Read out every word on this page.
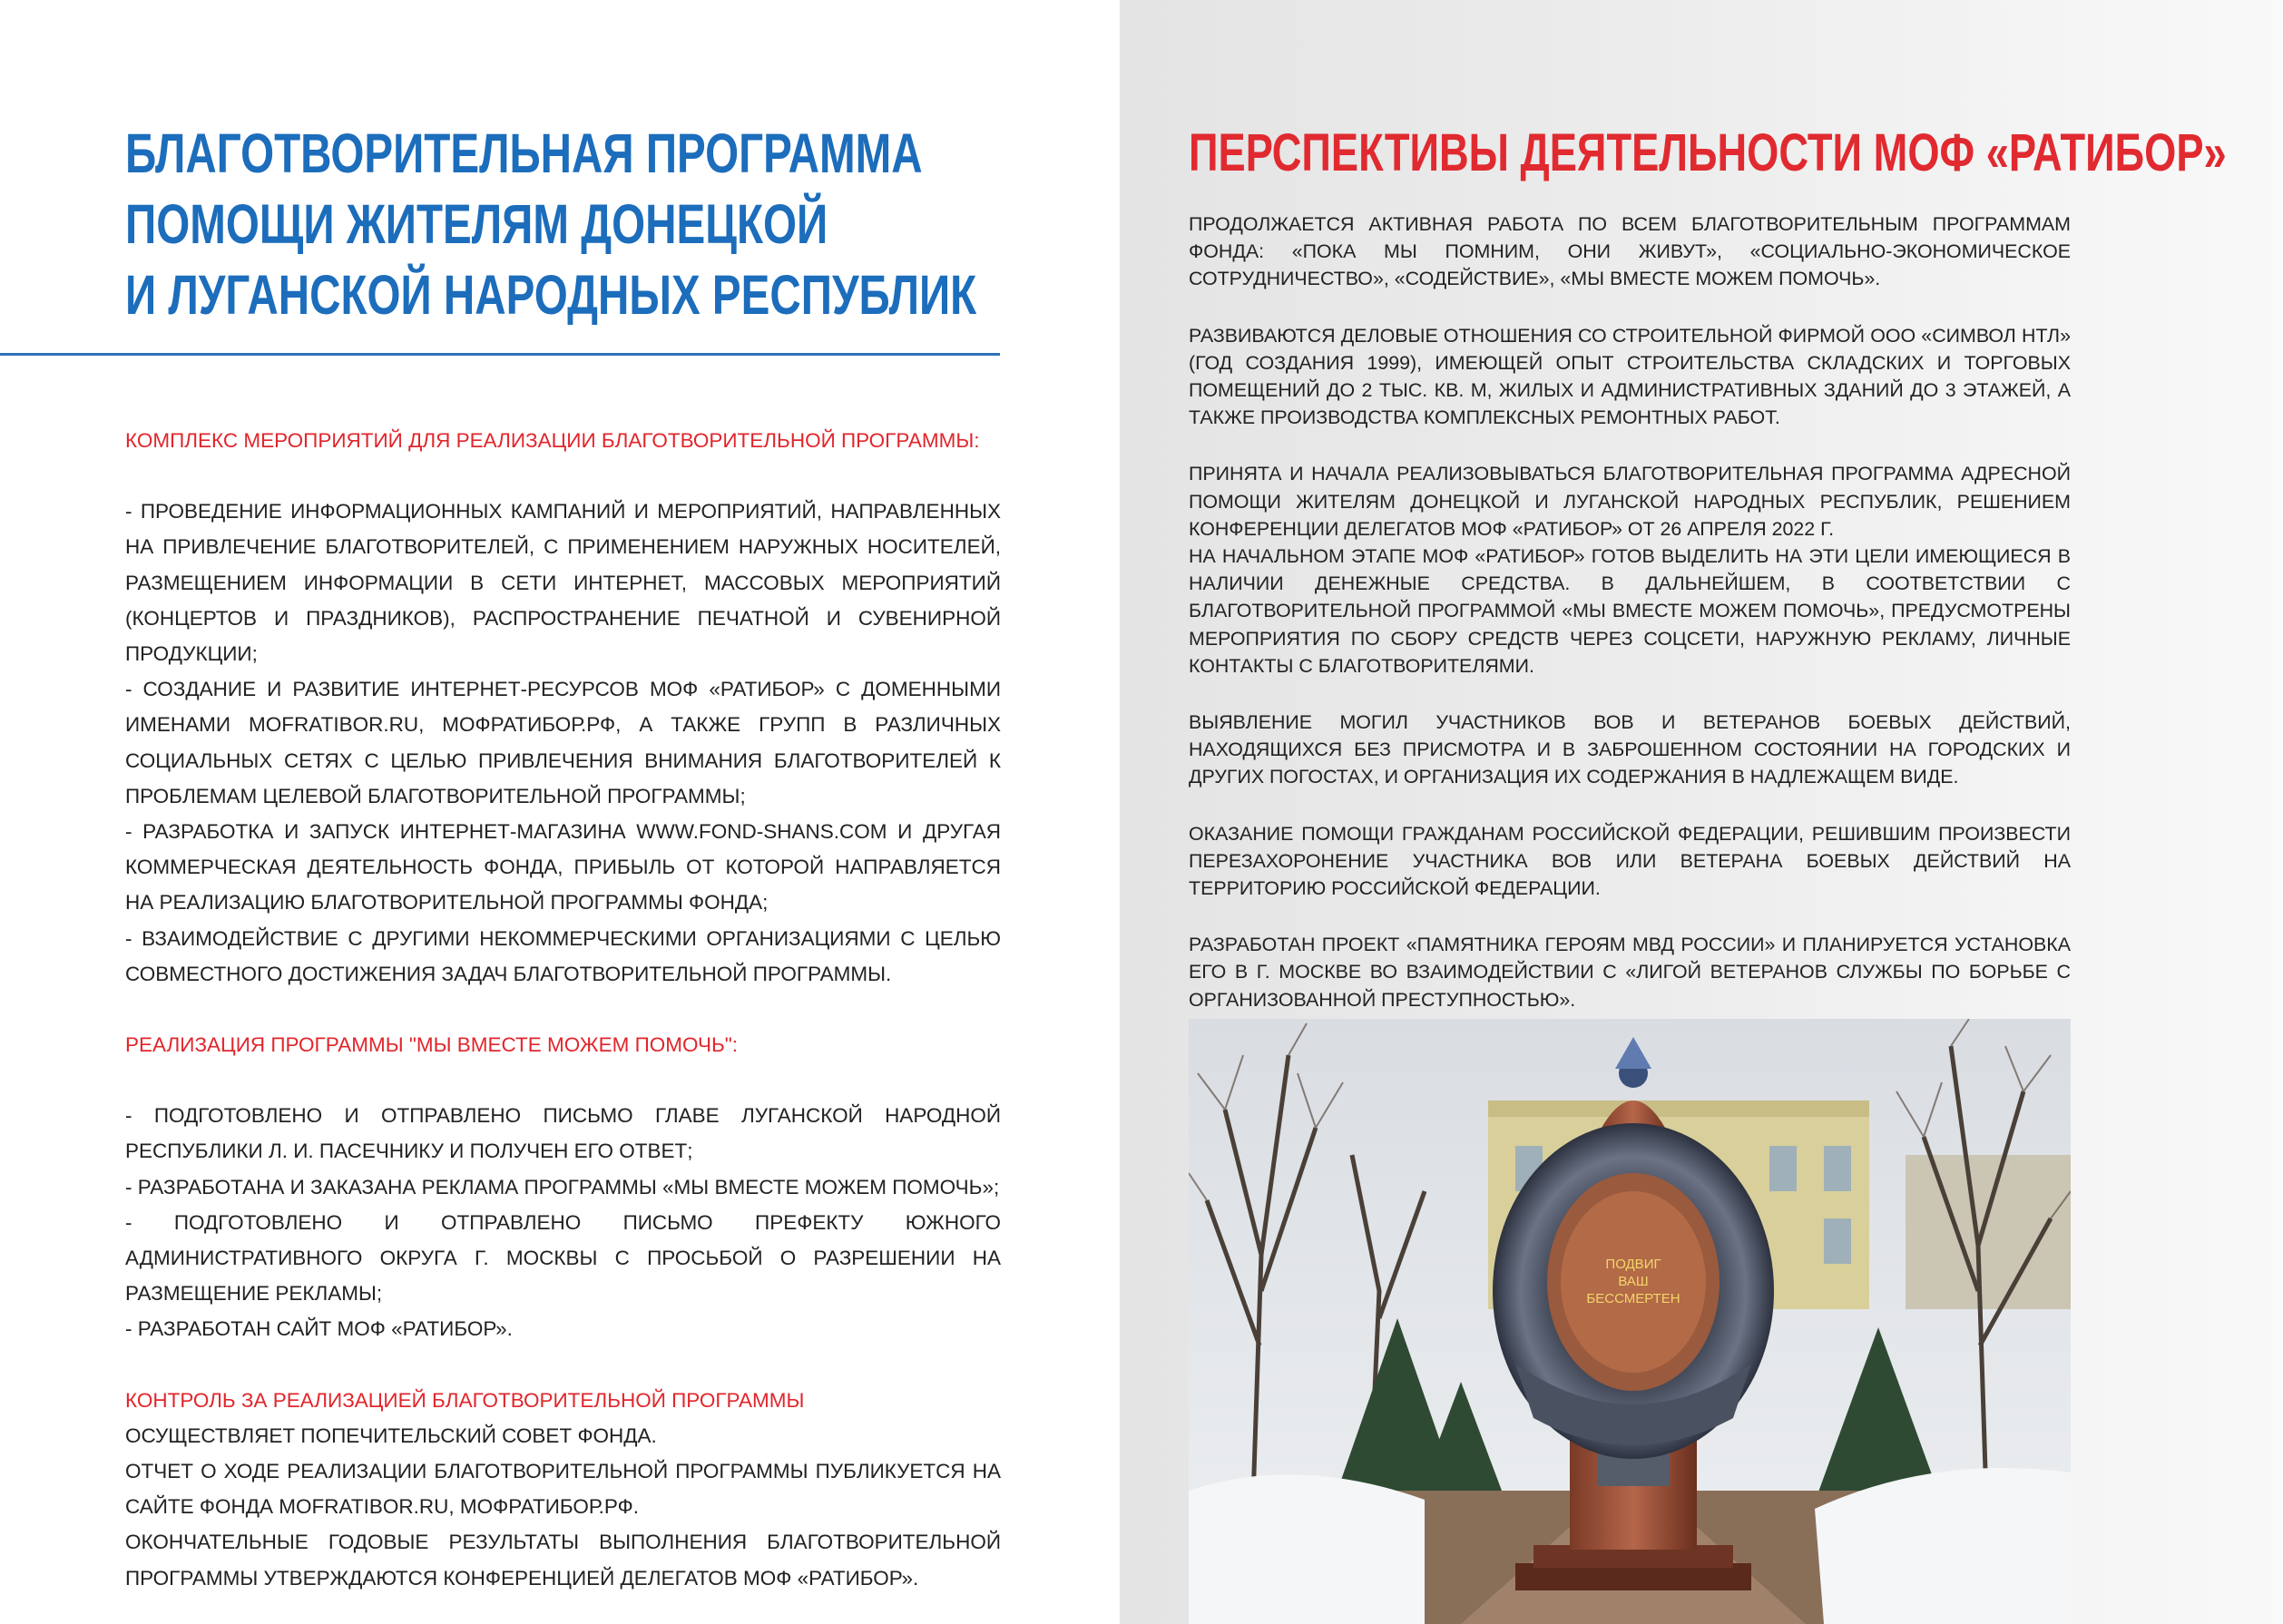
БЛАГОТВОРИТЕЛЬНАЯ ПРОГРАММА
ПОМОЩИ ЖИТЕЛЯМ ДОНЕЦКОЙ
И ЛУГАНСКОЙ НАРОДНЫХ РЕСПУБЛИК

КОМПЛЕКС МЕРОПРИЯТИЙ ДЛЯ РЕАЛИЗАЦИИ БЛАГОТВОРИТЕЛЬНОЙ ПРОГРАММЫ:

- ПРОВЕДЕНИЕ ИНФОРМАЦИОННЫХ КАМПАНИЙ И МЕРОПРИЯТИЙ, НАПРАВЛЕННЫХ НА ПРИВЛЕЧЕНИЕ БЛАГОТВОРИТЕЛЕЙ, С ПРИМЕНЕНИЕМ НАРУЖНЫХ НОСИТЕЛЕЙ, РАЗМЕЩЕНИЕМ ИНФОРМАЦИИ В СЕТИ ИНТЕРНЕТ, МАССОВЫХ МЕРОПРИЯТИЙ (КОНЦЕРТОВ И ПРАЗДНИКОВ), РАСПРОСТРАНЕНИЕ ПЕЧАТНОЙ И СУВЕНИРНОЙ ПРОДУКЦИИ;

- СОЗДАНИЕ И РАЗВИТИЕ ИНТЕРНЕТ-РЕСУРСОВ МОФ «РАТИБОР» С ДОМЕННЫМИ ИМЕНАМИ MOFRATIBOR.RU, МОФРАТИБОР.РФ, А ТАКЖЕ ГРУПП В РАЗЛИЧНЫХ СОЦИАЛЬНЫХ СЕТЯХ С ЦЕЛЬЮ ПРИВЛЕЧЕНИЯ ВНИМАНИЯ БЛАГОТВОРИТЕЛЕЙ К ПРОБЛЕМАМ ЦЕЛЕВОЙ БЛАГОТВОРИТЕЛЬНОЙ ПРОГРАММЫ;

- РАЗРАБОТКА И ЗАПУСК ИНТЕРНЕТ-МАГАЗИНА WWW.FOND-SHANS.COM И ДРУГАЯ КОММЕРЧЕСКАЯ ДЕЯТЕЛЬНОСТЬ ФОНДА, ПРИБЫЛЬ ОТ КОТОРОЙ НАПРАВЛЯЕТСЯ НА РЕАЛИЗАЦИЮ БЛАГОТВОРИТЕЛЬНОЙ ПРОГРАММЫ ФОНДА;

- ВЗАИМОДЕЙСТВИЕ С ДРУГИМИ НЕКОММЕРЧЕСКИМИ ОРГАНИЗАЦИЯМИ С ЦЕЛЬЮ СОВМЕСТНОГО ДОСТИЖЕНИЯ ЗАДАЧ БЛАГОТВОРИТЕЛЬНОЙ ПРОГРАММЫ.

РЕАЛИЗАЦИЯ ПРОГРАММЫ "МЫ ВМЕСТЕ МОЖЕМ ПОМОЧЬ":

- ПОДГОТОВЛЕНО И ОТПРАВЛЕНО ПИСЬМО ГЛАВЕ ЛУГАНСКОЙ НАРОДНОЙ РЕСПУБЛИКИ Л. И. ПАСЕЧНИКУ И ПОЛУЧЕН ЕГО ОТВЕТ;

- РАЗРАБОТАНА И ЗАКАЗАНА РЕКЛАМА ПРОГРАММЫ «МЫ ВМЕСТЕ МОЖЕМ ПОМОЧЬ»;

- ПОДГОТОВЛЕНО И ОТПРАВЛЕНО ПИСЬМО ПРЕФЕКТУ ЮЖНОГО АДМИНИСТРАТИВНОГО ОКРУГА Г. МОСКВЫ С ПРОСЬБОЙ О РАЗРЕШЕНИИ НА РАЗМЕЩЕНИЕ РЕКЛАМЫ;

- РАЗРАБОТАН САЙТ МОФ «РАТИБОР».

КОНТРОЛЬ ЗА РЕАЛИЗАЦИЕЙ БЛАГОТВОРИТЕЛЬНОЙ ПРОГРАММЫ

ОСУЩЕСТВЛЯЕТ ПОПЕЧИТЕЛЬСКИЙ СОВЕТ ФОНДА.

ОТЧЕТ О ХОДЕ РЕАЛИЗАЦИИ БЛАГОТВОРИТЕЛЬНОЙ ПРОГРАММЫ ПУБЛИКУЕТСЯ НА САЙТЕ ФОНДА MOFRATIBOR.RU, МОФРАТИБОР.РФ.

ОКОНЧАТЕЛЬНЫЕ ГОДОВЫЕ РЕЗУЛЬТАТЫ ВЫПОЛНЕНИЯ БЛАГОТВОРИТЕЛЬНОЙ ПРОГРАММЫ УТВЕРЖДАЮТСЯ КОНФЕРЕНЦИЕЙ ДЕЛЕГАТОВ МОФ «РАТИБОР».

ПЕРСПЕКТИВЫ ДЕЯТЕЛЬНОСТИ МОФ «РАТИБОР»

ПРОДОЛЖАЕТСЯ АКТИВНАЯ РАБОТА ПО ВСЕМ БЛАГОТВОРИТЕЛЬНЫМ ПРОГРАММАМ ФОНДА: «ПОКА МЫ ПОМНИМ, ОНИ ЖИВУТ», «СОЦИАЛЬНО-ЭКОНОМИЧЕСКОЕ СОТРУДНИЧЕСТВО», «СОДЕЙСТВИЕ», «МЫ ВМЕСТЕ МОЖЕМ ПОМОЧЬ».

РАЗВИВАЮТСЯ ДЕЛОВЫЕ ОТНОШЕНИЯ СО СТРОИТЕЛЬНОЙ ФИРМОЙ ООО «СИМВОЛ НТЛ» (ГОД СОЗДАНИЯ 1999), ИМЕЮЩЕЙ ОПЫТ СТРОИТЕЛЬСТВА СКЛАДСКИХ И ТОРГОВЫХ ПОМЕЩЕНИЙ ДО 2 ТЫС. КВ. М, ЖИЛЫХ И АДМИНИСТРАТИВНЫХ ЗДАНИЙ ДО 3 ЭТАЖЕЙ, А ТАКЖЕ ПРОИЗВОДСТВА КОМПЛЕКСНЫХ РЕМОНТНЫХ РАБОТ.

ПРИНЯТА И НАЧАЛА РЕАЛИЗОВЫВАТЬСЯ БЛАГОТВОРИТЕЛЬНАЯ ПРОГРАММА АДРЕСНОЙ ПОМОЩИ ЖИТЕЛЯМ ДОНЕЦКОЙ И ЛУГАНСКОЙ НАРОДНЫХ РЕСПУБЛИК, РЕШЕНИЕМ КОНФЕРЕНЦИИ ДЕЛЕГАТОВ МОФ «РАТИБОР» ОТ 26 АПРЕЛЯ 2022 Г.

НА НАЧАЛЬНОМ ЭТАПЕ МОФ «РАТИБОР» ГОТОВ ВЫДЕЛИТЬ НА ЭТИ ЦЕЛИ ИМЕЮЩИЕСЯ В НАЛИЧИИ ДЕНЕЖНЫЕ СРЕДСТВА. В ДАЛЬНЕЙШЕМ, В СООТВЕТСТВИИ С БЛАГОТВОРИТЕЛЬНОЙ ПРОГРАММОЙ «МЫ ВМЕСТЕ МОЖЕМ ПОМОЧЬ», ПРЕДУСМОТРЕНЫ МЕРОПРИЯТИЯ ПО СБОРУ СРЕДСТВ ЧЕРЕЗ СОЦСЕТИ, НАРУЖНУЮ РЕКЛАМУ, ЛИЧНЫЕ КОНТАКТЫ С БЛАГОТВОРИТЕЛЯМИ.

ВЫЯВЛЕНИЕ МОГИЛ УЧАСТНИКОВ ВОВ И ВЕТЕРАНОВ БОЕВЫХ ДЕЙСТВИЙ, НАХОДЯЩИХСЯ БЕЗ ПРИСМОТРА И В ЗАБРОШЕННОМ СОСТОЯНИИ НА ГОРОДСКИХ И ДРУГИХ ПОГОСТАХ, И ОРГАНИЗАЦИЯ ИХ СОДЕРЖАНИЯ В НАДЛЕЖАЩЕМ ВИДЕ.

ОКАЗАНИЕ ПОМОЩИ ГРАЖДАНАМ РОССИЙСКОЙ ФЕДЕРАЦИИ, РЕШИВШИМ ПРОИЗВЕСТИ ПЕРЕЗАХОРОНЕНИЕ УЧАСТНИКА ВОВ ИЛИ ВЕТЕРАНА БОЕВЫХ ДЕЙСТВИЙ НА ТЕРРИТОРИЮ РОССИЙСКОЙ ФЕДЕРАЦИИ.

РАЗРАБОТАН ПРОЕКТ «ПАМЯТНИКА ГЕРОЯМ МВД РОССИИ» И ПЛАНИРУЕТСЯ УСТАНОВКА ЕГО В Г. МОСКВЕ ВО ВЗАИМОДЕЙСТВИИ С «ЛИГОЙ ВЕТЕРАНОВ СЛУЖБЫ ПО БОРЬБЕ С ОРГАНИЗОВАННОЙ ПРЕСТУПНОСТЬЮ».

ПОДВИГ
ВАШ
БЕССМЕРТЕН
